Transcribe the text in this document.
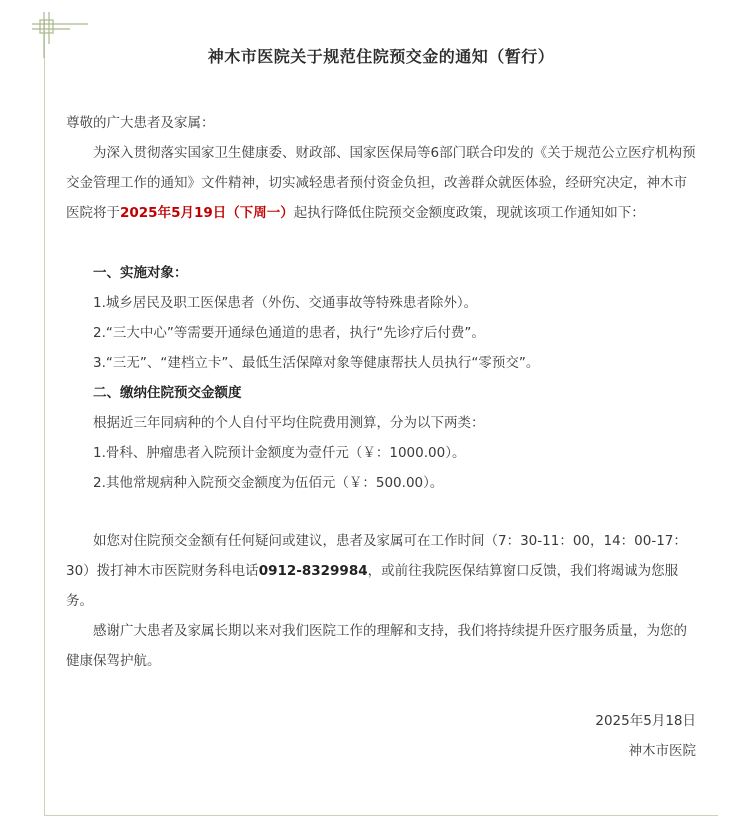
神木市医院关于规范住院预交金的通知（暂行）

尊敬的广大患者及家属：

为深入贯彻落实国家卫生健康委、财政部、国家医保局等6部门联合印发的《关于规范公立医疗机构预交金管理工作的通知》文件精神，切实减轻患者预付资金负担，改善群众就医体验，经研究决定，神木市医院将于2025年5月19日（下周一）起执行降低住院预交金额度政策，现就该项工作通知如下：

一、实施对象：

1.城乡居民及职工医保患者（外伤、交通事故等特殊患者除外）。

2.“三大中心”等需要开通绿色通道的患者，执行“先诊疗后付费”。

3.“三无”、“建档立卡”、最低生活保障对象等健康帮扶人员执行“零预交”。

二、缴纳住院预交金额度

根据近三年同病种的个人自付平均住院费用测算，分为以下两类：

1.骨科、肿瘤患者入院预计金额度为壹仟元（￥：1000.00）。

2.其他常规病种入院预交金额度为伍佰元（￥：500.00）。

如您对住院预交金额有任何疑问或建议，患者及家属可在工作时间（7：30-11：00，14：00-17：30）拨打神木市医院财务科电话0912-8329984，或前往我院医保结算窗口反馈，我们将竭诚为您服务。

感谢广大患者及家属长期以来对我们医院工作的理解和支持，我们将持续提升医疗服务质量，为您的健康保驾护航。

2025年5月18日

神木市医院
